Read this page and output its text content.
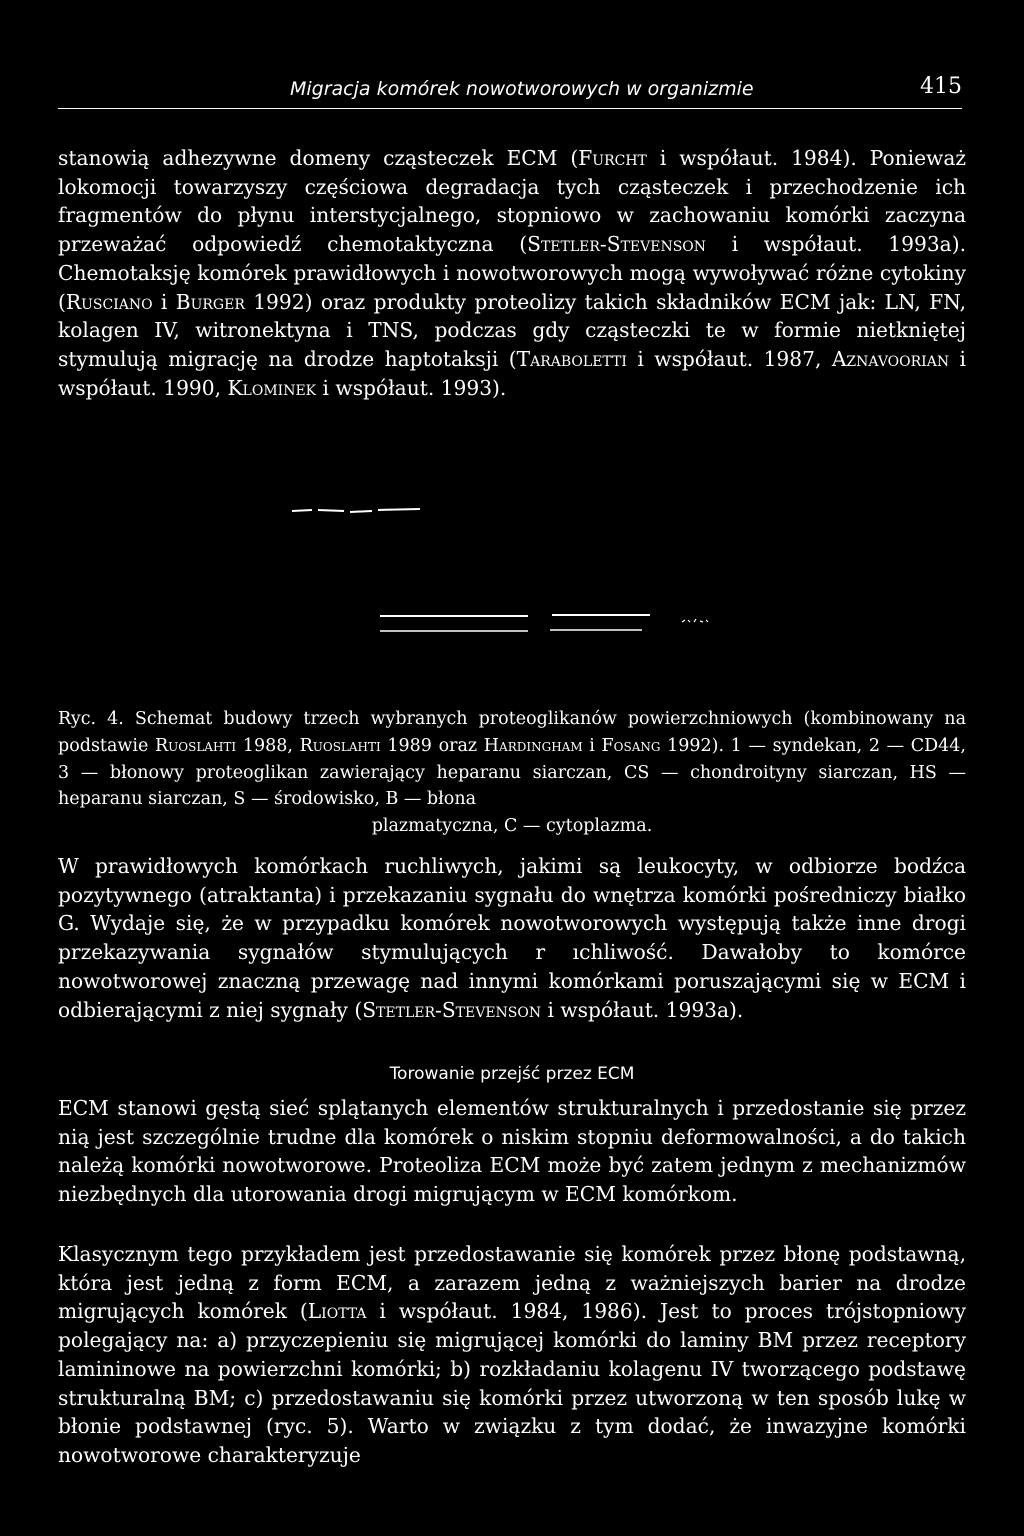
Migracja komórek nowotworowych w organizmie	415

stanowią adhezywne domeny cząsteczek ECM (Furcht i współaut. 1984). Ponieważ lokomocji towarzyszy częściowa degradacja tych cząsteczek i przechodzenie ich fragmentów do płynu interstycjalnego, stopniowo w zachowaniu komórki zaczyna przeważać odpowiedź chemotaktyczna (Stetler-Stevenson i współaut. 1993a). Chemotaksję komórek prawidłowych i nowotworowych mogą wywoływać różne cytokiny (Rusciano i Burger 1992) oraz produkty proteolizy takich składników ECM jak: LN, FN, kolagen IV, witronektyna i TNS, podczas gdy cząsteczki te w formie nietkniętej stymulują migrację na drodze haptotaksji (Taraboletti i współaut. 1987, Aznavoorian i współaut. 1990, Klominek i współaut. 1993).

Ryc. 4. Schemat budowy trzech wybranych proteoglikanów powierzchniowych (kombinowany na podstawie Ruoslahti 1988, Ruoslahti 1989 oraz Hardingham i Fosang 1992). 1 — syndekan, 2 — CD44, 3 — błonowy proteoglikan zawierający heparanu siarczan, CS — chondroityny siarczan, HS — heparanu siarczan, S — środowisko, B — błona
plazmatyczna, C — cytoplazma.

W prawidłowych komórkach ruchliwych, jakimi są leukocyty, w odbiorze bodźca pozytywnego (atraktanta) i przekazaniu sygnału do wnętrza komórki pośredniczy białko G. Wydaje się, że w przypadku komórek nowotworowych występują także inne drogi przekazywania sygnałów stymulujących r ıchliwość. Dawałoby to komórce nowotworowej znaczną przewagę nad innymi komórkami poruszającymi się w ECM i odbierającymi z niej sygnały (Stetler-Stevenson i współaut. 1993a).

Torowanie przejść przez ECM

ECM stanowi gęstą sieć splątanych elementów strukturalnych i przedostanie się przez nią jest szczególnie trudne dla komórek o niskim stopniu deformowalności, a do takich należą komórki nowotworowe. Proteoliza ECM może być zatem jednym z mechanizmów niezbędnych dla utorowania drogi migrującym w ECM komórkom.

Klasycznym tego przykładem jest przedostawanie się komórek przez błonę podstawną, która jest jedną z form ECM, a zarazem jedną z ważniejszych barier na drodze migrujących komórek (Liotta i współaut. 1984, 1986). Jest to proces trójstopniowy polegający na: a) przyczepieniu się migrującej komórki do laminy BM przez receptory lamininowe na powierzchni komórki; b) rozkładaniu kolagenu IV tworzącego podstawę strukturalną BM; c) przedostawaniu się komórki przez utworzoną w ten sposób lukę w błonie podstawnej (ryc. 5). Warto w związku z tym dodać, że inwazyjne komórki nowotworowe charakteryzuje
